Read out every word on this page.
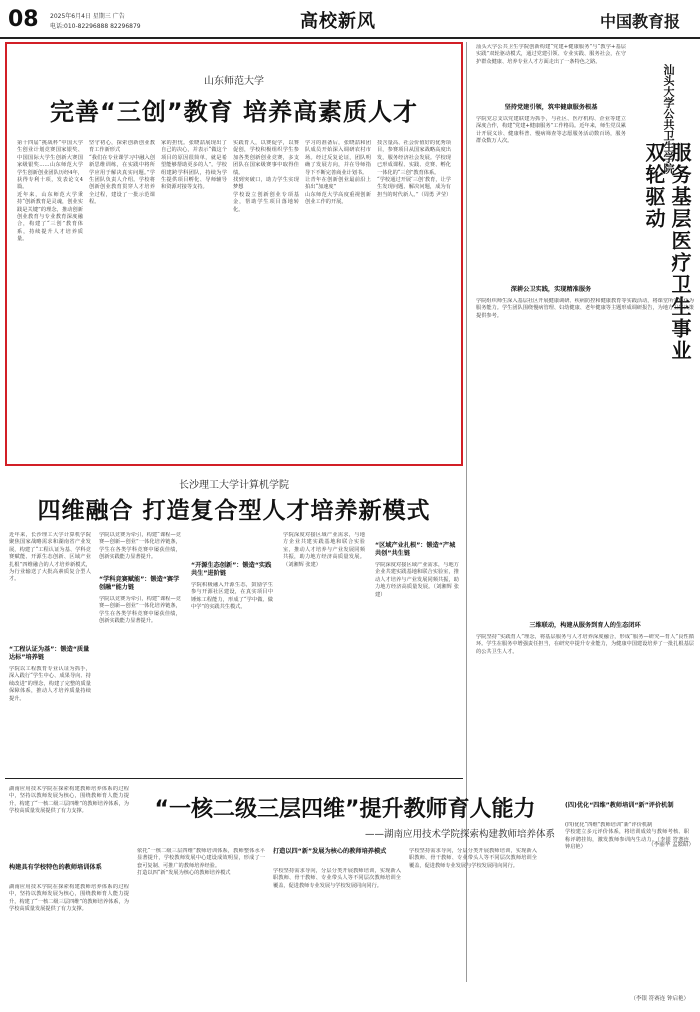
08 2025年6月4日 星期三 广告
电话:010-82296888 82296879	高校新风	中国教育报
山东师范大学
完善“三创”教育 培养高素质人才
第十四届“挑战杯”中国大学生创业计划竞赛国家银奖、中国国际大学生创新大赛国家级银奖……山东师范大学学生创新创业团队历经4年，获得专利十项，发表论文4篇。
近年来，山东师范大学秉持“创新教育是灵魂，创业实践是关键”的理念，推动创新创业教育与专业教育深度融合，构建了“三创”教育体系，持续提升人才培养质量。
坚守初心，探索创新创业教育工作新形式
“我们在专业课学习中融入创新思维训练，在实践中将所学应用于解决真实问题。”学生团队负责人介绍。学校将创新创业教育贯穿人才培养全过程，建设了一批示范课程。
家的担忧。张晓喆展现出了自己的决心，并表示“做这个项目的原因很简单，就是希望能够帮助更多的人”。学校组建跨学科团队，持续为学生提供项目孵化、导师辅导和资源对接等支持。
实践育人，以赛促学，以赛促创，学校积极组织学生参加各类创新创业竞赛，多支团队在国家级赛事中取得佳绩。
找到突破口，助力学生实现梦想
学校设立创新创业专项基金，帮助学生项目落地转化。
学习的准备后，张晓喆和团队成员开始深入调研农村市场。经过反复论证，团队明确了发展方向，并在导师指导下不断完善商业计划书。
让青年在创新创业最前沿上拍出“加速度”
山东师范大学高度重视创新创业工作的开展。
技含量高、社会价值好的优秀项目，参赛项目从国家战略高度出发，服务经济社会发展。学校现已形成课程、实践、竞赛、孵化一体化的“三创”教育体系。
“学校通过开展‘三创’教育，让学生发现问题、解决问题，成为有担当的时代新人。”（周勇 尹莹）
汕头大学公共卫生学院创新构建“党建+健康服务”与“教学+基层实践”双轮驱动模式，通过党建引领、专业实践、服务社会，在守护群众健康、培养专业人才方面走出了一条特色之路。
汕头大学公共卫生学院
双轮驱动 服务基层医疗卫生事业
坚持党建引领，筑牢健康服务根基
学院党总支以党建联建为抓手，与社区、医疗机构、企业等建立深度合作，构建“党建+健康服务”工作格局。近年来，师生党员累计开展义诊、健康科普、慢病筛查等志愿服务活动数百场，服务群众数万人次。
深耕公卫实践，实现精准服务
学院组织师生深入基层社区开展健康调研、疾病防控和健康教育等实践活动，将课堂所学转化为服务能力。学生团队围绕慢病管理、妇幼健康、老年健康等主题形成调研报告，为地方卫生决策提供参考。
三维联动，构建从服务到育人的生态闭环
学院坚持“实践育人”理念，将基层服务与人才培养深度融合，形成“服务—研究—育人”良性循环。学生在服务中增强责任担当，在研究中提升专业能力，为健康中国建设培养了一批扎根基层的公共卫生人才。
（李丽华 孟繁昭）
长沙理工大学计算机学院
四维融合 打造复合型人才培养新模式
近年来，长沙理工大学计算机学院聚焦国家战略需求和湖南省产业发展，构建了“工程认证为基、学科竞赛赋能、开源生态创新、区域产业扎根”四维融合的人才培养新模式，为行业输送了大批高素质复合型人才。
“工程认证为基”：锻造“质量达标”培养链
学院以工程教育专业认证为抓手，深入践行“学生中心、成果导向、持续改进”的理念，构建了完整的质量保障体系，推动人才培养质量持续提升。
“学科竞赛赋能”：锻造“赛学创融”能力链
学院以竞赛为牵引，构建“课程—竞赛—创新—创业”一体化培养链条，学生在各类学科竞赛中屡获佳绩，创新实践能力显著提升。
学院以竞赛为牵引，构建“课程—竞赛—创新—创业”一体化培养链条，学生在各类学科竞赛中屡获佳绩，创新实践能力显著提升。
“开源生态创新”：锻造“实践共生”进阶链
学院积极融入开源生态，鼓励学生参与开源社区建设，在真实项目中锤炼工程能力，形成了“学中做、做中学”的实践共生模式。
学院深度对接区域产业需求，与地方企业共建实践基地和联合实验室，推动人才培养与产业发展同频共振，助力地方经济高质量发展。（刘湘辉 张建）
“区域产业扎根”：锻造“产城共创”共生链
学院深度对接区域产业需求，与地方企业共建实践基地和联合实验室，推动人才培养与产业发展同频共振，助力地方经济高质量发展。（刘湘辉 张建）
湖南应用技术学院在探索构建教师培养体系的过程中，坚持以教师发展为核心，围绕教师育人能力提升，构建了“一核二级三层四维”的教师培养体系，为学校高质量发展提供了有力支撑。	“一核二级三层四维”提升教师育人能力
——湖南应用技术学院探索构建教师培养体系
构建具有学校特色的教师培训体系
湖南应用技术学院在探索构建教师培养体系的过程中，坚持以教师发展为核心，围绕教师育人能力提升，构建了“一核二级三层四维”的教师培养体系，为学校高质量发展提供了有力支撑。
依托“一核二级三层四维”教师培训体系，教师整体水平显著提升，学校教师发展中心建设成效明显，形成了一套可复制、可推广的教师培养经验。
打造以四“新”发展为核心的教师培养模式
打造以四“新”发展为核心的教师培养模式
学校坚持需求导向，分层分类开展教师培训，实现新入职教师、骨干教师、专业带头人等不同层次教师培训全覆盖，促进教师专业发展与学校发展同向同行。
学校坚持需求导向，分层分类开展教师培训，实现新入职教师、骨干教师、专业带头人等不同层次教师培训全覆盖，促进教师专业发展与学校发展同向同行。
(四)优化“四维”教师培训“新”评价机制
(四)优化“四维”教师培训“新”评价机制
学校建立多元评价体系，将培训成效与教师考核、职称评聘挂钩，激发教师参训内生动力。（李银 符赛连 钟启艳）
（李银 符赛连 钟启艳）
